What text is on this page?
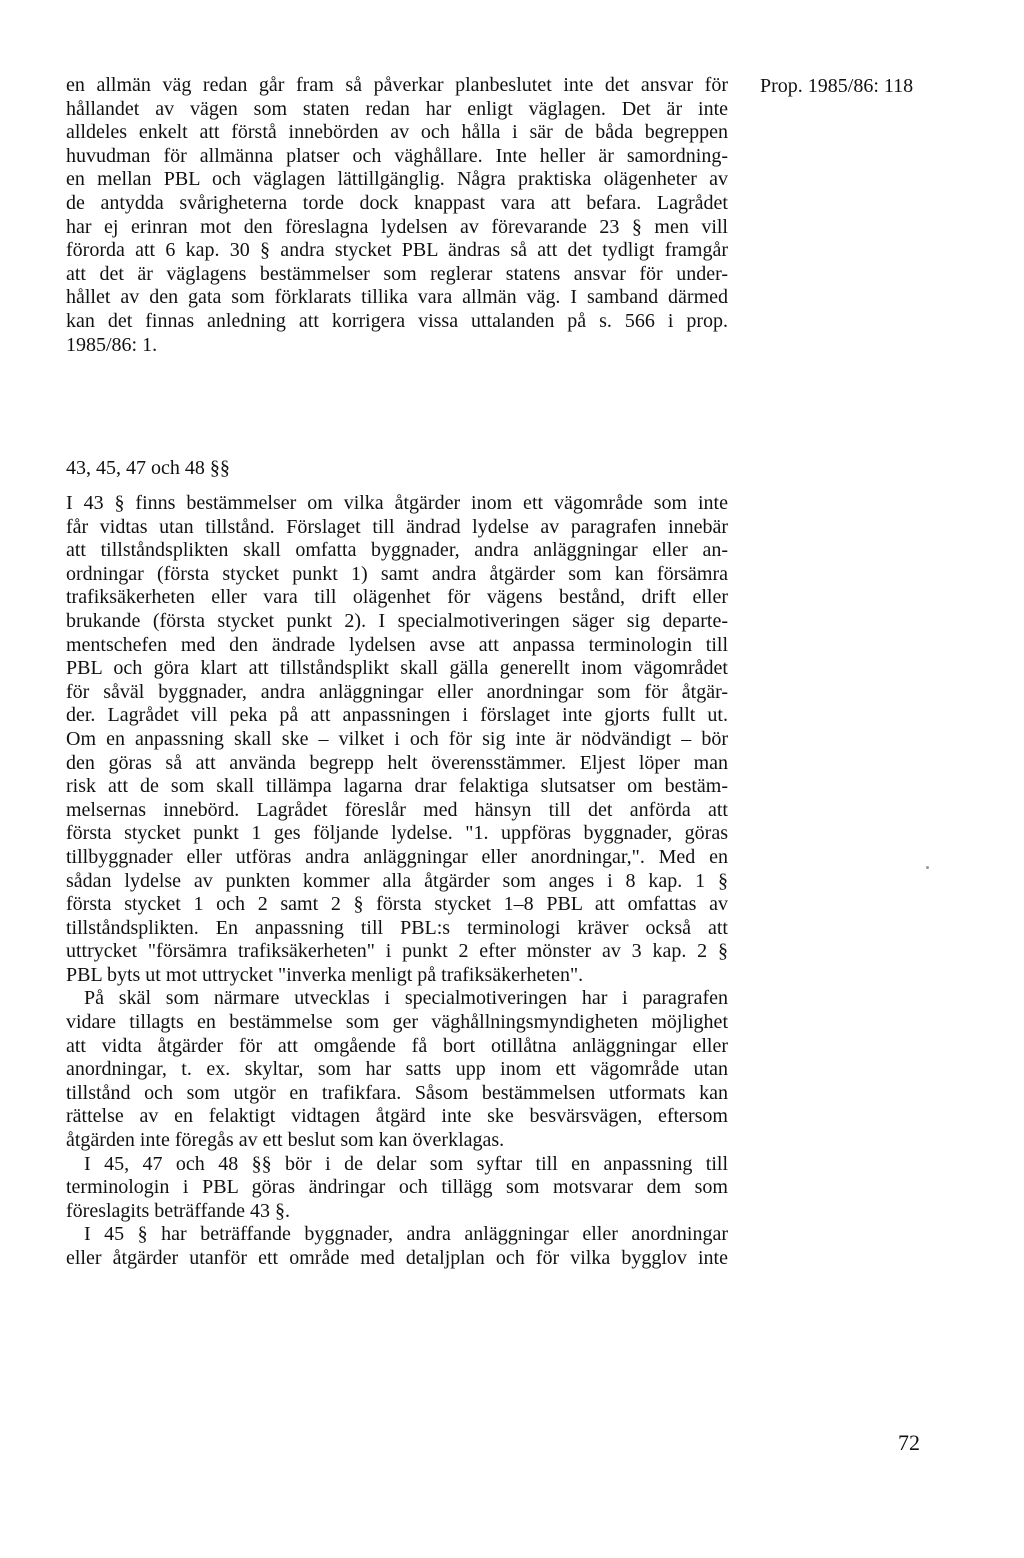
Prop. 1985/86: 118
en allmän väg redan går fram så påverkar planbeslutet inte det ansvar för
hållandet av vägen som staten redan har enligt väglagen. Det är inte
alldeles enkelt att förstå innebörden av och hålla i sär de båda begreppen
huvudman för allmänna platser och väghållare. Inte heller är samordning-
en mellan PBL och väglagen lättillgänglig. Några praktiska olägenheter av
de antydda svårigheterna torde dock knappast vara att befara. Lagrådet
har ej erinran mot den föreslagna lydelsen av förevarande 23 § men vill
förorda att 6 kap. 30 § andra stycket PBL ändras så att det tydligt framgår
att det är väglagens bestämmelser som reglerar statens ansvar för under-
hållet av den gata som förklarats tillika vara allmän väg. I samband därmed
kan det finnas anledning att korrigera vissa uttalanden på s. 566 i prop.
1985/86: 1.
43, 45, 47 och 48 §§
I 43 § finns bestämmelser om vilka åtgärder inom ett vägområde som inte
får vidtas utan tillstånd. Förslaget till ändrad lydelse av paragrafen innebär
att tillståndsplikten skall omfatta byggnader, andra anläggningar eller an-
ordningar (första stycket punkt 1) samt andra åtgärder som kan försämra
trafiksäkerheten eller vara till olägenhet för vägens bestånd, drift eller
brukande (första stycket punkt 2). I specialmotiveringen säger sig departe-
mentschefen med den ändrade lydelsen avse att anpassa terminologin till
PBL och göra klart att tillståndsplikt skall gälla generellt inom vägområdet
för såväl byggnader, andra anläggningar eller anordningar som för åtgär-
der. Lagrådet vill peka på att anpassningen i förslaget inte gjorts fullt ut.
Om en anpassning skall ske – vilket i och för sig inte är nödvändigt – bör
den göras så att använda begrepp helt överensstämmer. Eljest löper man
risk att de som skall tillämpa lagarna drar felaktiga slutsatser om bestäm-
melsernas innebörd. Lagrådet föreslår med hänsyn till det anförda att
första stycket punkt 1 ges följande lydelse. "1. uppföras byggnader, göras
tillbyggnader eller utföras andra anläggningar eller anordningar,". Med en
sådan lydelse av punkten kommer alla åtgärder som anges i 8 kap. 1 §
första stycket 1 och 2 samt 2 § första stycket 1–8 PBL att omfattas av
tillståndsplikten. En anpassning till PBL:s terminologi kräver också att
uttrycket "försämra trafiksäkerheten" i punkt 2 efter mönster av 3 kap. 2 §
PBL byts ut mot uttrycket "inverka menligt på trafiksäkerheten".
På skäl som närmare utvecklas i specialmotiveringen har i paragrafen
vidare tillagts en bestämmelse som ger väghållningsmyndigheten möjlighet
att vidta åtgärder för att omgående få bort otillåtna anläggningar eller
anordningar, t. ex. skyltar, som har satts upp inom ett vägområde utan
tillstånd och som utgör en trafikfara. Såsom bestämmelsen utformats kan
rättelse av en felaktigt vidtagen åtgärd inte ske besvärsvägen, eftersom
åtgärden inte föregås av ett beslut som kan överklagas.
I 45, 47 och 48 §§ bör i de delar som syftar till en anpassning till
terminologin i PBL göras ändringar och tillägg som motsvarar dem som
föreslagits beträffande 43 §.
I 45 § har beträffande byggnader, andra anläggningar eller anordningar
eller åtgärder utanför ett område med detaljplan och för vilka bygglov inte
72
